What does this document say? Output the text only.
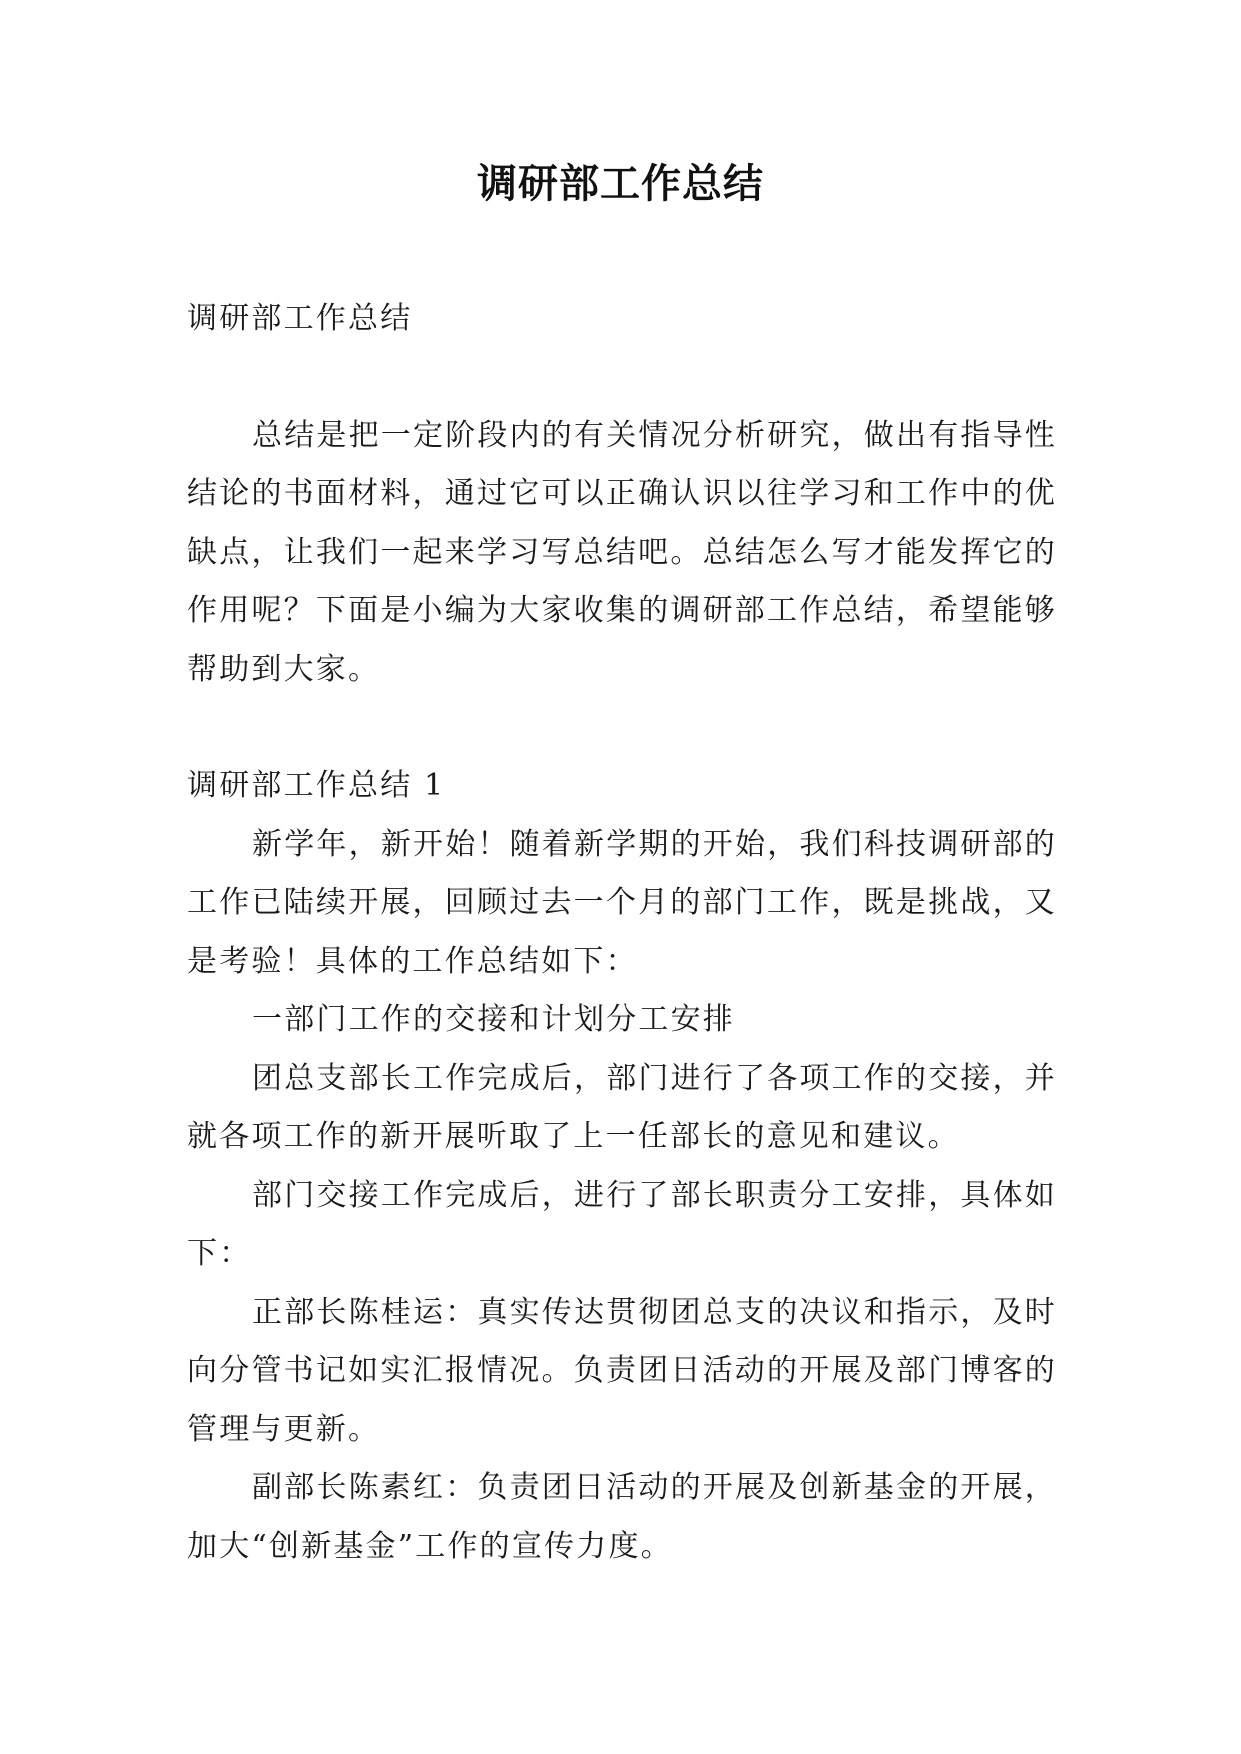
调研部工作总结

调研部工作总结

总结是把一定阶段内的有关情况分析研究，做出有指导性结论的书面材料，通过它可以正确认识以往学习和工作中的优缺点，让我们一起来学习写总结吧。总结怎么写才能发挥它的作用呢？下面是小编为大家收集的调研部工作总结，希望能够帮助到大家。

调研部工作总结 1

新学年，新开始！随着新学期的开始，我们科技调研部的工作已陆续开展，回顾过去一个月的部门工作，既是挑战，又是考验！具体的工作总结如下：

一部门工作的交接和计划分工安排

团总支部长工作完成后，部门进行了各项工作的交接，并就各项工作的新开展听取了上一任部长的意见和建议。

部门交接工作完成后，进行了部长职责分工安排，具体如下：

正部长陈桂运：真实传达贯彻团总支的决议和指示，及时向分管书记如实汇报情况。负责团日活动的开展及部门博客的管理与更新。

副部长陈素红：负责团日活动的开展及创新基金的开展，加大“创新基金”工作的宣传力度。
